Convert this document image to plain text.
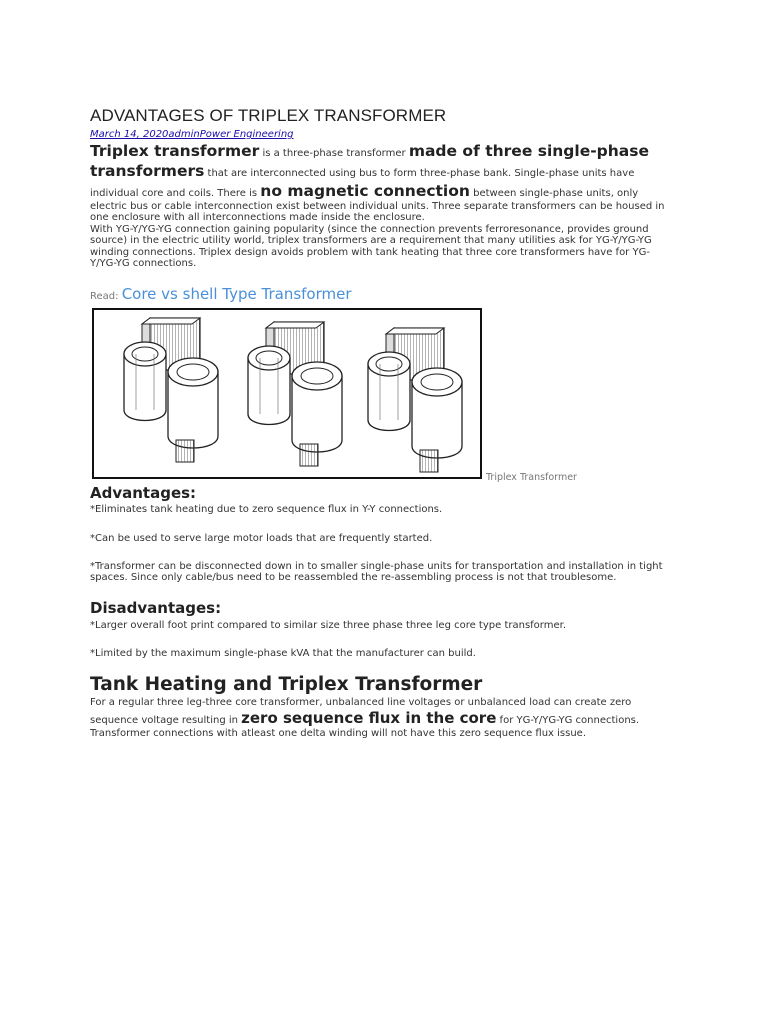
ADVANTAGES OF TRIPLEX TRANSFORMER
March 14, 2020adminPower Engineering

Triplex transformer is a three-phase transformer made of three single-phase transformers that are interconnected using bus to form three-phase bank. Single-phase units have individual core and coils. There is no magnetic connection between single-phase units, only electric bus or cable interconnection exist between individual units. Three separate transformers can be housed in one enclosure with all interconnections made inside the enclosure.

With YG-Y/YG-YG connection gaining popularity (since the connection prevents ferroresonance, provides ground source) in the electric utility world, triplex transformers are a requirement that many utilities ask for YG-Y/YG-YG winding connections. Triplex design avoids problem with tank heating that three core transformers have for YG-Y/YG-YG connections.

Read: Core vs shell Type Transformer
Triplex Transformer
Advantages:

*Eliminates tank heating due to zero sequence flux in Y-Y connections.

*Can be used to serve large motor loads that are frequently started.

*Transformer can be disconnected down in to smaller single-phase units for transportation and installation in tight spaces. Since only cable/bus need to be reassembled the re-assembling process is not that troublesome.

Disadvantages:

*Larger overall foot print compared to similar size three phase three leg core type transformer.

*Limited by the maximum single-phase kVA that the manufacturer can build.

Tank Heating and Triplex Transformer
For a regular three leg-three core transformer, unbalanced line voltages or unbalanced load can create zero sequence voltage resulting in zero sequence flux in the core for YG-Y/YG-YG connections. Transformer connections with atleast one delta winding will not have this zero sequence flux issue.
